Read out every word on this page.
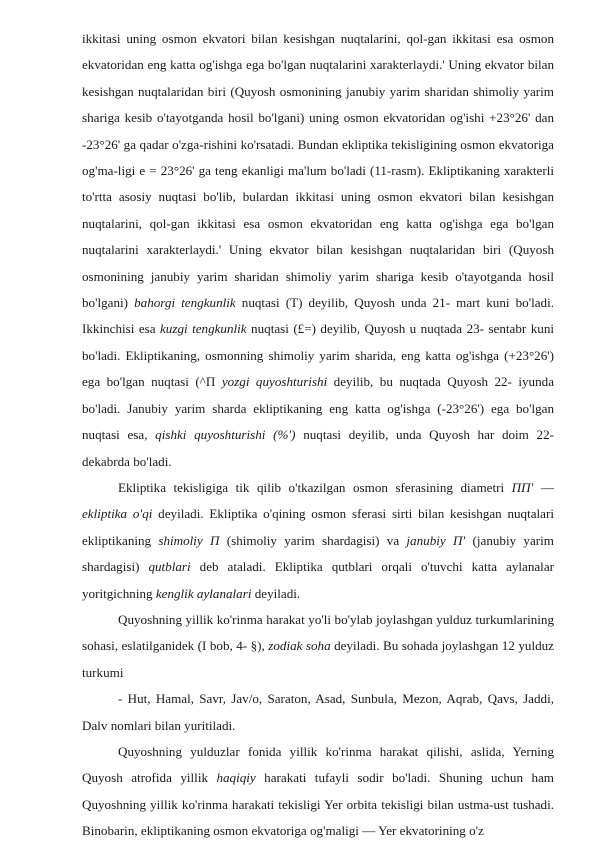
ikkitasi uning osmon ekvatori bilan kesishgan nuqtalarini, qol-gan ikkitasi esa osmon ekvatoridan eng katta og'ishga ega bo'lgan nuqtalarini xarakterlaydi.' Uning ekvator bilan kesishgan nuqtalaridan biri (Quyosh osmonining janubiy yarim sharidan shimoliy yarim shariga kesib o'tayotganda hosil bo'lgani) uning osmon ekvatoridan og'ishi +23°26' dan -23°26' ga qadar o'zga-rishini ko'rsatadi. Bundan ekliptika tekisligining osmon ekvatoriga og'ma-ligi e = 23°26' ga teng ekanligi ma'lum bo'ladi (11-rasm). Ekliptikaning xarakterli to'rtta asosiy nuqtasi bo'lib, bulardan ikkitasi uning osmon ekvatori bilan kesishgan nuqtalarini, qol-gan ikkitasi esa osmon ekvatoridan eng katta og'ishga ega bo'lgan nuqtalarini xarakterlaydi.' Uning ekvator bilan kesishgan nuqtalaridan biri (Quyosh osmonining janubiy yarim sharidan shimoliy yarim shariga kesib o'tayotganda hosil bo'lgani) bahorgi tengkunlik nuqtasi (T) deyilib, Quyosh unda 21- mart kuni bo'ladi. Ikkinchisi esa kuzgi tengkunlik nuqtasi (£=) deyilib, Quyosh u nuqtada 23- sentabr kuni bo'ladi. Ekliptikaning, osmonning shimoliy yarim sharida, eng katta og'ishga (+23°26') ega bo'lgan nuqtasi (^Π yozgi quyoshturishi deyilib, bu nuqtada Quyosh 22- iyunda bo'ladi. Janubiy yarim sharda ekliptikaning eng katta og'ishga (-23°26') ega bo'lgan nuqtasi esa, qishki quyoshturishi (%') nuqtasi deyilib, unda Quyosh har doim 22- dekabrda bo'ladi.

Ekliptika tekisligiga tik qilib o'tkazilgan osmon sferasining diametri ΠΠ' — ekliptika o'qi deyiladi. Ekliptika o'qining osmon sferasi sirti bilan kesishgan nuqtalari ekliptikaning shimoliy Π (shimoliy yarim shardagisi) va janubiy Π' (janubiy yarim shardagisi) qutblari deb ataladi. Ekliptika qutblari orqali o'tuvchi katta aylanalar yoritgichning kenglik aylanalari deyiladi.

Quyoshning yillik ko'rinma harakat yo'li bo'ylab joylashgan yulduz turkumlarining sohasi, eslatilganidek (I bob, 4- §), zodiak soha deyiladi. Bu sohada joylashgan 12 yulduz turkumi

- Hut, Hamal, Savr, Jav/o, Saraton, Asad, Sunbula, Mezon, Aqrab, Qavs, Jaddi, Dalv nomlari bilan yuritiladi.

Quyoshning yulduzlar fonida yillik ko'rinma harakat qilishi, aslida, Yerning Quyosh atrofida yillik haqiqiy harakati tufayli sodir bo'ladi. Shuning uchun ham Quyoshning yillik ko'rinma harakati tekisligi Yer orbita tekisligi bilan ustma-ust tushadi. Binobarin, ekliptikaning osmon ekvatoriga og'maligi — Yer ekvatorining o'z
